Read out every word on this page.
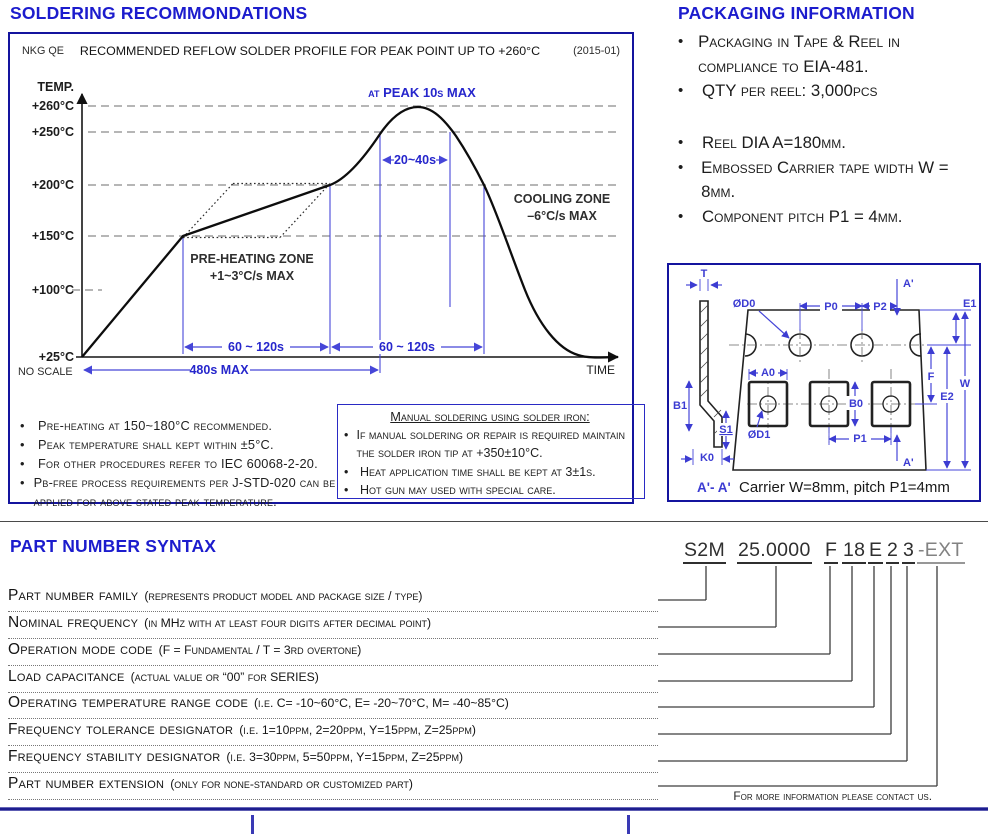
SOLDERING RECOMMONDATIONS	PACKAGING INFORMATION
NKG QE RECOMMENDED REFLOW SOLDER PROFILE FOR PEAK POINT UP TO +260°C	(2015-01)
60 ~ 120s	60 ~ 120s
480s MAX
20~40s
TEMP.
+260°C
+250°C
+200°C
+150°C
+100°C
+25°C
NO SCALE	TIME
at PEAK 10s MAX
PRE-HEATING ZONE
+1~3°C/s MAX
COOLING ZONE
–6°C/s MAX
•	Pre-heating at 150~180°C recommended.
•	Peak temperature shall kept within ±5°C.
•	For other procedures refer to IEC 60068-2-20.
• Pb-free process requirements per J-STD-020 can be applied for above stated peak temperature.
Manual soldering using solder iron:
• If manual soldering or repair is required maintain the solder iron tip at +350±10°C.
• Heat application time shall be kept at 3±1s.
• Hot gun may used with special care.
• Packaging in Tape & Reel in compliance to EIA-481.
•	QTY per reel: 3,000pcs
•	Reel DIA A=180mm.
•	Embossed Carrier tape width W = 8mm.
•	Component pitch P1 = 4mm.
T
ØD0	P0	P2
A'
E1
A0
B0
F
E2
W
B1
S1 ØD1	P1
K0	A'
A'- A' Carrier W=8mm, pitch P1=4mm
PART NUMBER SYNTAX	S2M 25.0000 F 18 E 2 3 -EXT
Part number family (represents product model and package size / type)
Nominal frequency (in MHz with at least four digits after decimal point)
Operation mode code (F = Fundamental / T = 3rd overtone)
Load capacitance (actual value or “00” for SERIES)
Operating temperature range code (i.e. C= -10~60°C, E= -20~70°C, M= -40~85°C)
Frequency tolerance designator (i.e. 1=10ppm, 2=20ppm, Y=15ppm, Z=25ppm)
Frequency stability designator (i.e. 3=30ppm, 5=50ppm, Y=15ppm, Z=25ppm)
Part number extension (only for none-standard or customized part)
For more information please contact us.
